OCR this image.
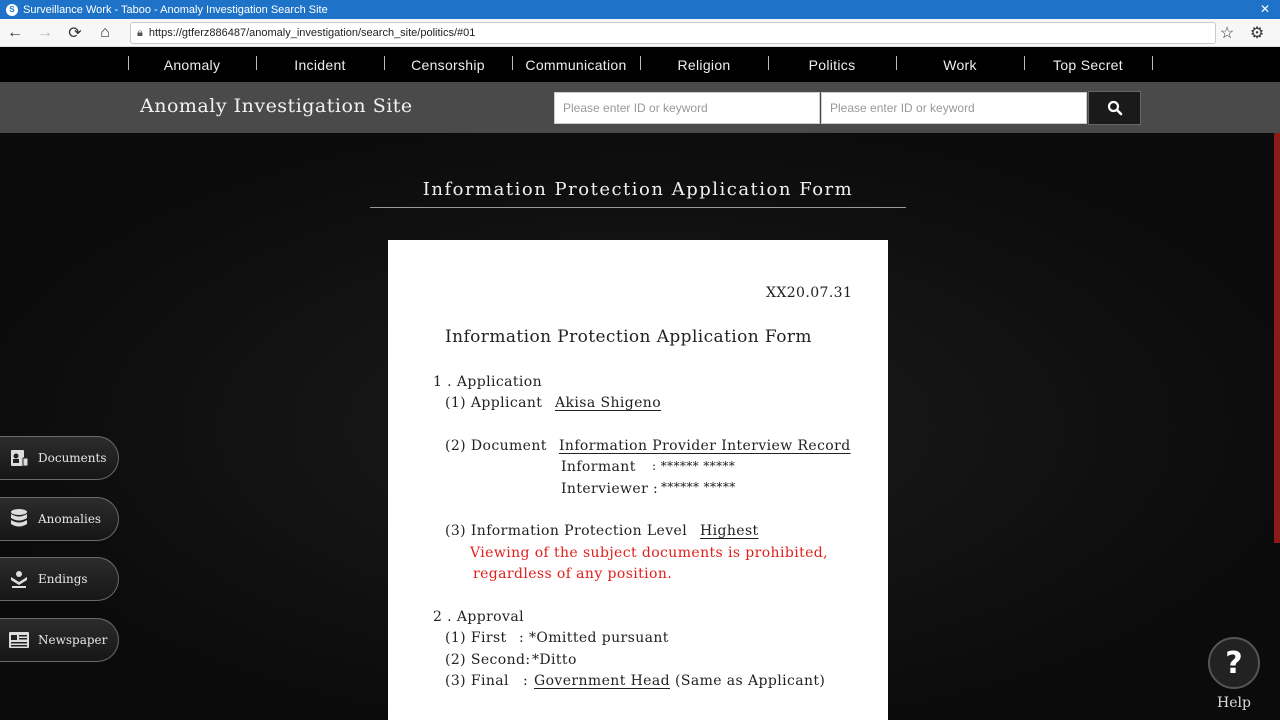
S Surveillance Work - Taboo - Anomaly Investigation Search Site	✕
← → ⟳	⌂	🔒︎ https://gtferz886487/anomaly_investigation/search_site/politics/#01	☆ ⚙
Anomaly	Incident	Censorship	Communication	Religion	Politics	Work	Top Secret
Anomaly Investigation Site
Please enter ID or keyword
Please enter ID or keyword
Information Protection Application Form
XX20.07.31
Information Protection Application Form
1 . Application
(1) Applicant Akisa Shigeno
(2) Document Information Provider Interview Record
Informant : ****** *****
Interviewer : ****** *****
(3) Information Protection Level Highest
Viewing of the subject documents is prohibited,
regardless of any position.
2 . Approval
(1) First : *Omitted pursuant
(2) Second: *Ditto
(3) Final : Government Head (Same as Applicant)
Documents
Anomalies
Endings
Newspaper
?
Help
